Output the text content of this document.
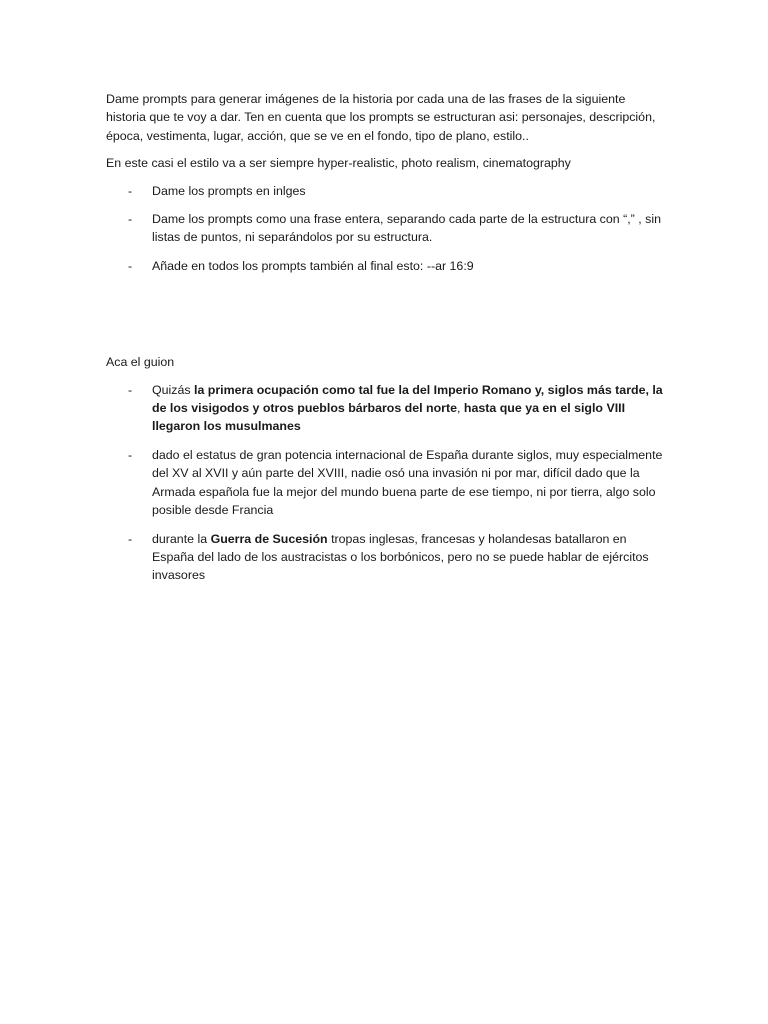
Dame prompts para generar imágenes de la historia por cada una de las frases de la siguiente historia que te voy a dar. Ten en cuenta que los prompts se estructuran asi: personajes, descripción, época, vestimenta, lugar, acción, que se ve en el fondo, tipo de plano, estilo..

En este casi el estilo va a ser siempre hyper-realistic, photo realism, cinematography

- Dame los prompts en inlges
- Dame los prompts como una frase entera, separando cada parte de la estructura con “,” , sin listas de puntos, ni separándolos por su estructura.
- Añade en todos los prompts también al final esto: --ar 16:9

Aca el guion

- Quizás la primera ocupación como tal fue la del Imperio Romano y, siglos más tarde, la de los visigodos y otros pueblos bárbaros del norte, hasta que ya en el siglo VIII llegaron los musulmanes
- dado el estatus de gran potencia internacional de España durante siglos, muy especialmente del XV al XVII y aún parte del XVIII, nadie osó una invasión ni por mar, difícil dado que la Armada española fue la mejor del mundo buena parte de ese tiempo, ni por tierra, algo solo posible desde Francia
- durante la Guerra de Sucesión tropas inglesas, francesas y holandesas batallaron en España del lado de los austracistas o los borbónicos, pero no se puede hablar de ejércitos invasores
